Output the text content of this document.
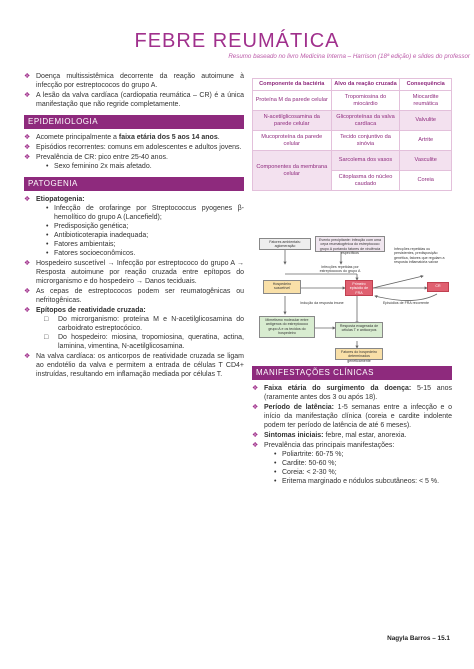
FEBRE REUMÁTICA
Resumo baseado no livro Medicina Interna – Harrison (18ª edição) e slides do professor
❖ Doença multissistêmica decorrente da reação autoimune à infecção por estreptococos do grupo A.
❖ A lesão da valva cardíaca (cardiopatia reumática – CR) é a única manifestação que não regride completamente.
EPIDEMIOLOGIA
❖ Acomete principalmente a faixa etária dos 5 aos 14 anos.
❖ Episódios recorrentes: comuns em adolescentes e adultos jovens.
❖ Prevalência de CR: pico entre 25-40 anos.
• Sexo feminino 2x mais afetado.
PATOGENIA
❖ Etiopatogenia:
• Infecção de orofaringe por Streptococcus pyogenes β-hemolítico do grupo A (Lancefield);
• Predisposição genética;
• Antibioticoterapia inadequada;
• Fatores ambientais;
• Fatores socioeconômicos.
❖ Hospedeiro suscetível → Infecção por estreptococo do grupo A → Resposta autoimune por reação cruzada entre epítopos do microrganismo e do hospedeiro → Danos teciduais.
❖ As cepas de estreptococos podem ser reumatogênicas ou nefritogênicas.
❖ Epítopos de reatividade cruzada:
□ Do microrganismo: proteína M e N-acetilglicosamina do carboidrato estreptocócico.
□ Do hospedeiro: miosina, tropomiosina, queratina, actina, laminina, vimentina, N-acetilglicosamina.
❖ Na valva cardíaca: os anticorpos de reatividade cruzada se ligam ao endotélio da valva e permitem a entrada de células T CD4+ instruídas, resultando em inflamação mediada por células T.
Componente da bactéria	Alvo da reação cruzada	Consequência
Proteína M da parede celular	Tropomiosina do miocárdio	Miocardite reumática
N-acetilglicosamina da parede celular	Glicoproteínas da valva cardíaca	Valvulite
Mucoproteína da parede celular	Tecido conjuntivo da sinóvia	Artrite
Componentes da membrana celular	Sarcolema dos vasos	Vasculite
	Citoplasma do núcleo caudado	Coreia
Fatores ambientais: aglomeração
Evento precipitante: infecção com uma cepa reumatogênica do estreptococo grupo A portando fatores de virulência específicos
Infecções repetidas por estreptococos do grupo A
Infecções repetidas ou persistentes, predisposição genética, fatores que regulam a resposta inflamatória valvar
Hospedeiro suscetível
Primeiro episódio de FRA
CR
Episódios de FRA recorrente
Indução da resposta imune
Mimetismo molecular entre antígenos do estreptococo grupo A e os tecidos do hospedeiro
Resposta exagerada de células T e anticorpos
Fatores do hospedeiro determinados geneticamente
MANIFESTAÇÕES CLÍNICAS
❖ Faixa etária do surgimento da doença: 5-15 anos (raramente antes dos 3 ou após 18).
❖ Período de latência: 1-5 semanas entre a infecção e o início da manifestação clínica (coreia e cardite indolente podem ter período de latência de até 6 meses).
❖ Sintomas iniciais: febre, mal estar, anorexia.
❖ Prevalência das principais manifestações:
• Poliartrite: 60-75 %;
• Cardite: 50-60 %;
• Coreia: < 2-30 %;
• Eritema marginado e nódulos subcutâneos: < 5 %.
Nagyla Barros – 15.1
